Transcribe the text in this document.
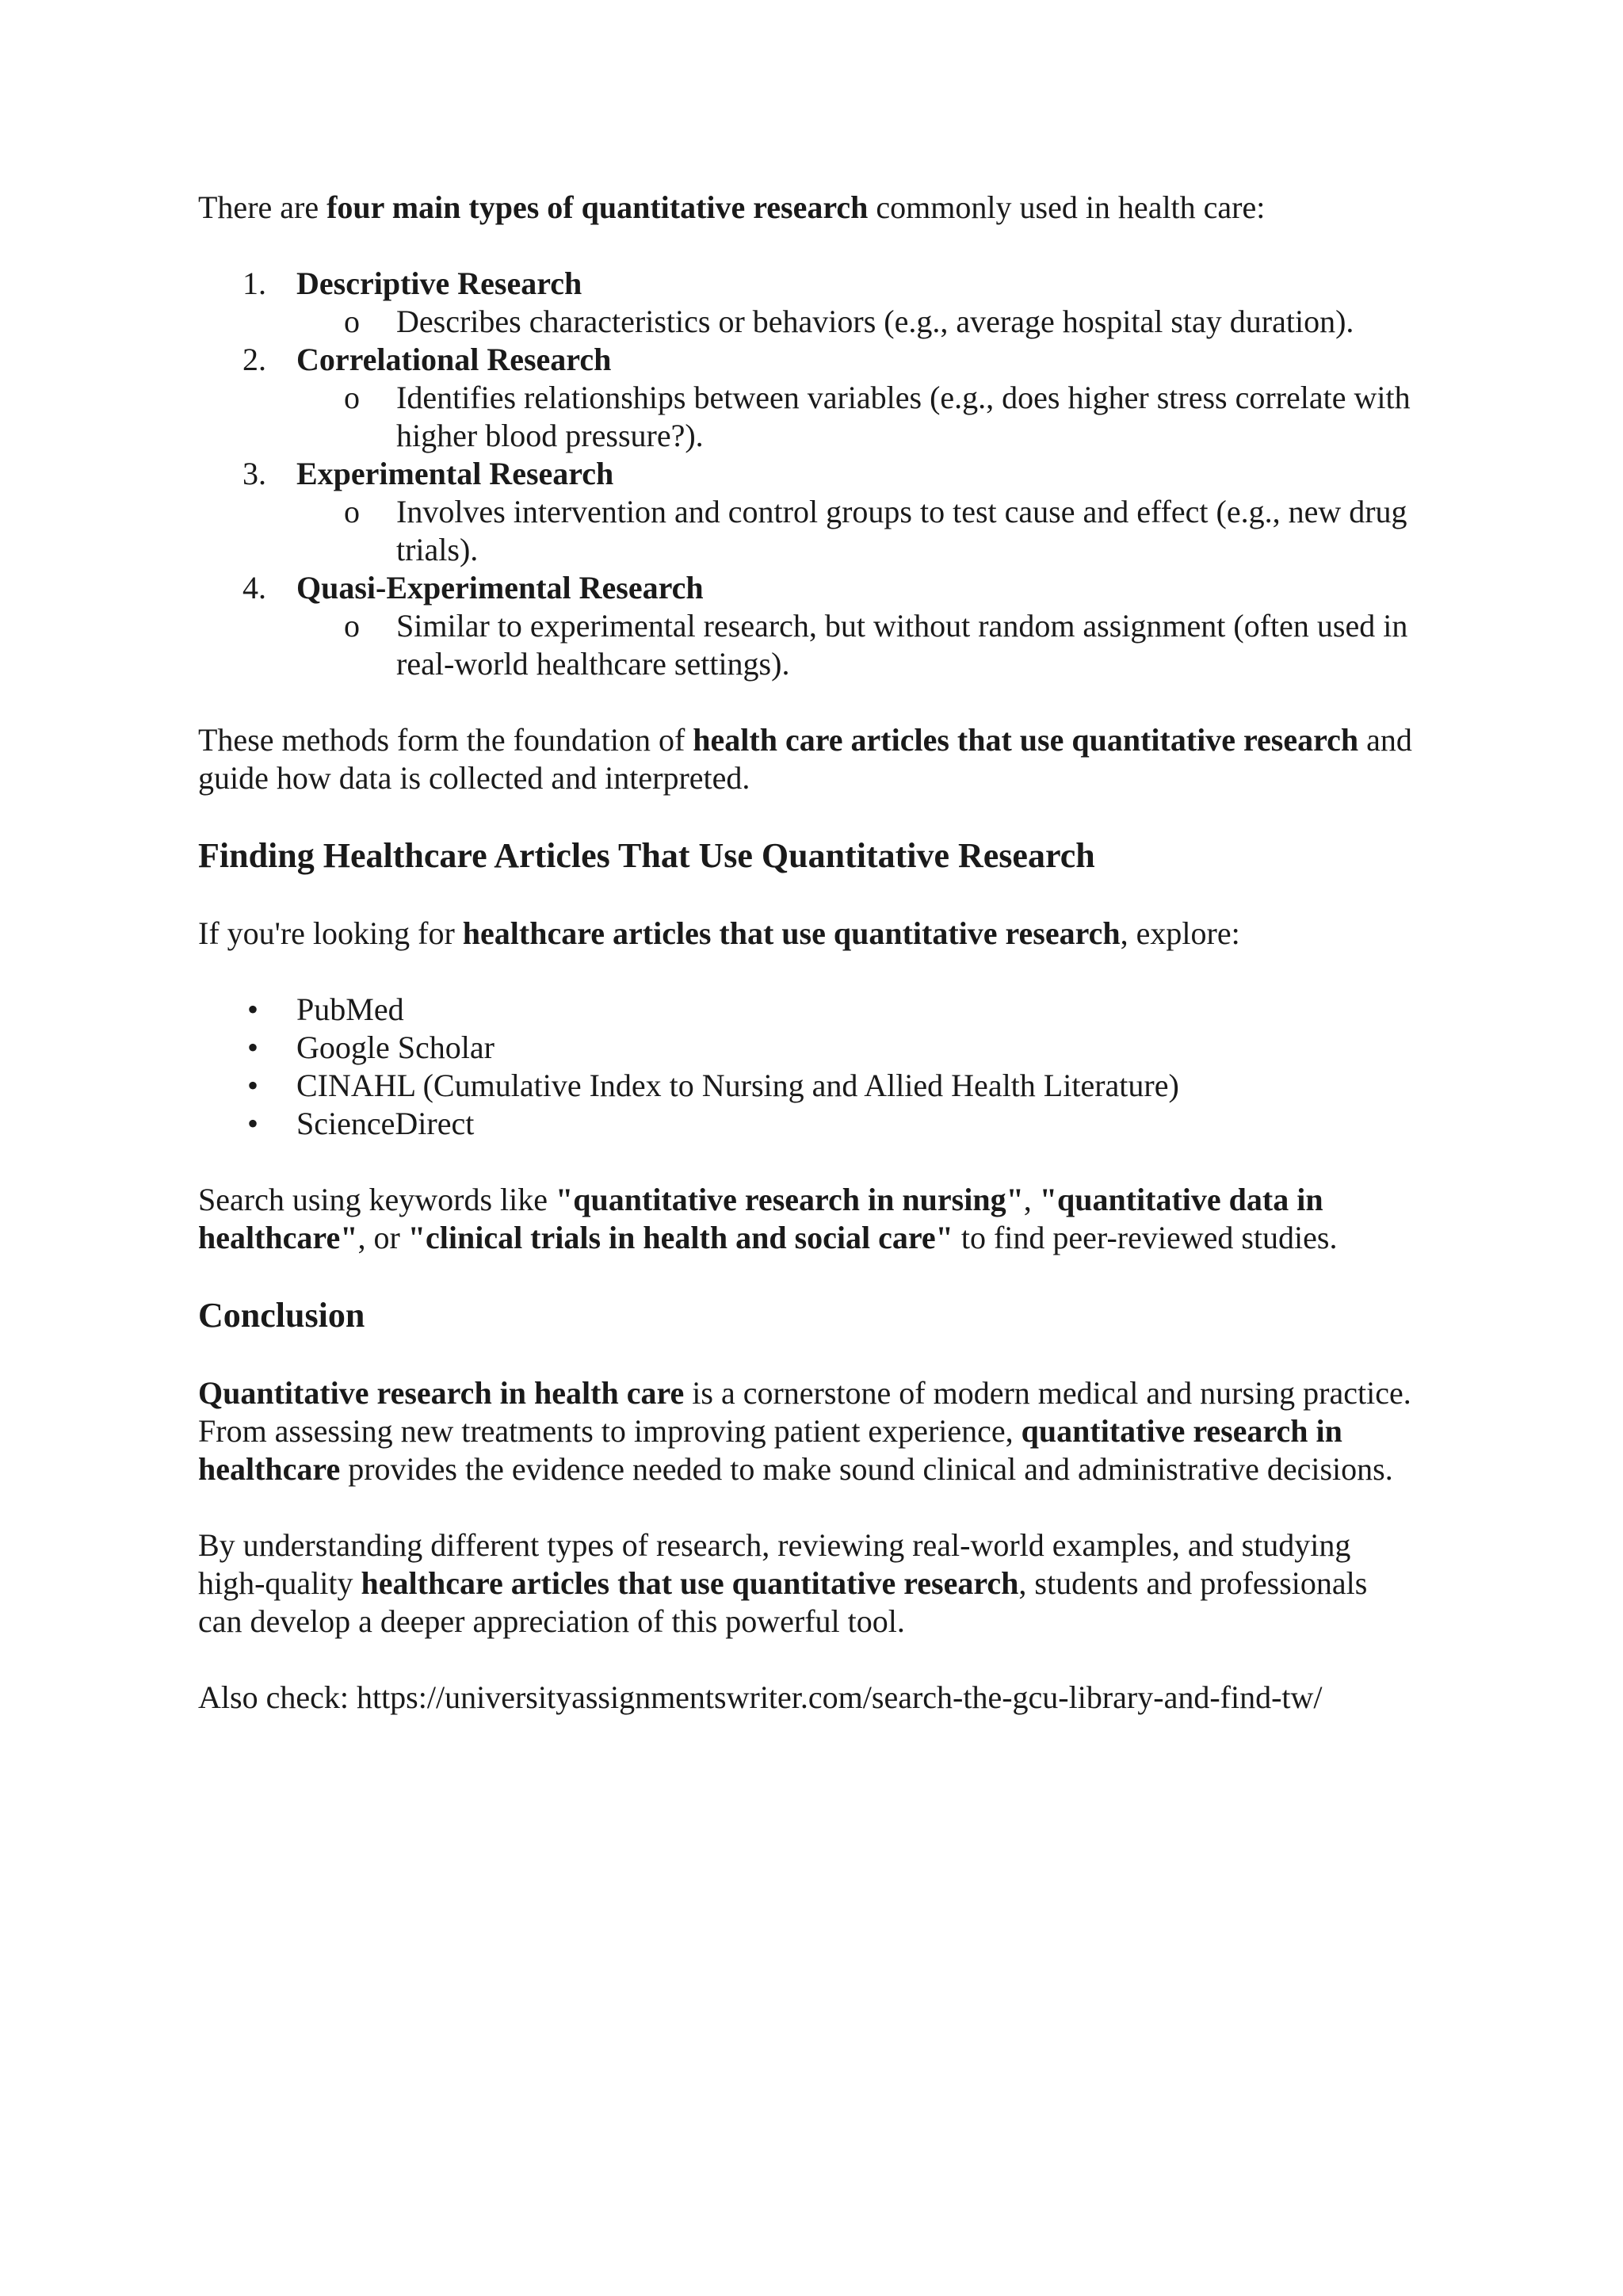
There are four main types of quantitative research commonly used in health care:

1. Descriptive Research
o Describes characteristics or behaviors (e.g., average hospital stay duration).
2. Correlational Research
o Identifies relationships between variables (e.g., does higher stress correlate with higher blood pressure?).
3. Experimental Research
o Involves intervention and control groups to test cause and effect (e.g., new drug trials).
4. Quasi-Experimental Research
o Similar to experimental research, but without random assignment (often used in real-world healthcare settings).

These methods form the foundation of health care articles that use quantitative research and guide how data is collected and interpreted.

Finding Healthcare Articles That Use Quantitative Research

If you're looking for healthcare articles that use quantitative research, explore:

• PubMed
• Google Scholar
• CINAHL (Cumulative Index to Nursing and Allied Health Literature)
• ScienceDirect

Search using keywords like "quantitative research in nursing", "quantitative data in healthcare", or "clinical trials in health and social care" to find peer-reviewed studies.

Conclusion

Quantitative research in health care is a cornerstone of modern medical and nursing practice. From assessing new treatments to improving patient experience, quantitative research in healthcare provides the evidence needed to make sound clinical and administrative decisions.

By understanding different types of research, reviewing real-world examples, and studying high-quality healthcare articles that use quantitative research, students and professionals can develop a deeper appreciation of this powerful tool.

Also check: https://universityassignmentswriter.com/search-the-gcu-library-and-find-tw/
